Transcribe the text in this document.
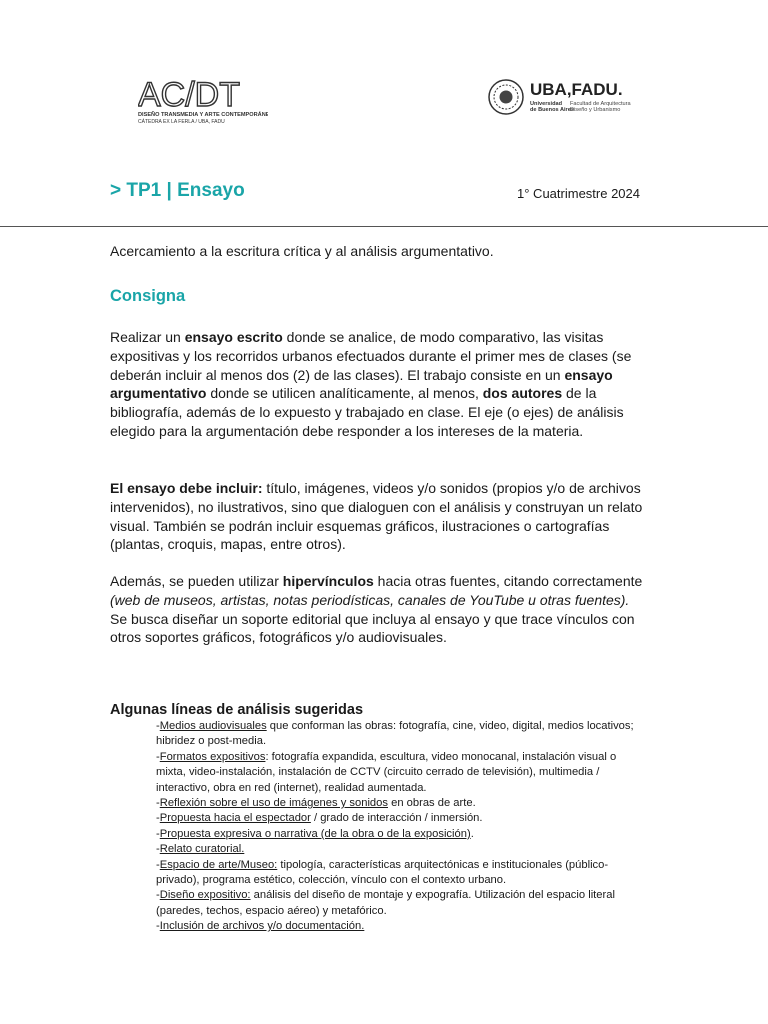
AC/DT
DISEÑO TRANSMEDIA Y ARTE CONTEMPORÁNEO
CÁTEDRA EX LA FERLA / UBA, FADU
UBA,FADU.
Universidad
de Buenos Aires
Facultad de Arquitectura
Diseño y Urbanismo
> TP1 | Ensayo	1° Cuatrimestre 2024
Acercamiento a la escritura crítica y al análisis argumentativo.
Consigna
Realizar un ensayo escrito donde se analice, de modo comparativo, las visitas expositivas y los recorridos urbanos efectuados durante el primer mes de clases (se deberán incluir al menos dos (2) de las clases). El trabajo consiste en un ensayo argumentativo donde se utilicen analíticamente, al menos, dos autores de la bibliografía, además de lo expuesto y trabajado en clase. El eje (o ejes) de análisis elegido para la argumentación debe responder a los intereses de la materia.
El ensayo debe incluir: título, imágenes, videos y/o sonidos (propios y/o de archivos intervenidos), no ilustrativos, sino que dialoguen con el análisis y construyan un relato visual. También se podrán incluir esquemas gráficos, ilustraciones o cartografías (plantas, croquis, mapas, entre otros).
Además, se pueden utilizar hipervínculos hacia otras fuentes, citando correctamente (web de museos, artistas, notas periodísticas, canales de YouTube u otras fuentes). Se busca diseñar un soporte editorial que incluya al ensayo y que trace vínculos con otros soportes gráficos, fotográficos y/o audiovisuales.
Algunas líneas de análisis sugeridas
-Medios audiovisuales que conforman las obras: fotografía, cine, video, digital, medios locativos; hibridez o post-media.
-Formatos expositivos: fotografía expandida, escultura, video monocanal, instalación visual o mixta, video-instalación, instalación de CCTV (circuito cerrado de televisión), multimedia / interactivo, obra en red (internet), realidad aumentada.
-Reflexión sobre el uso de imágenes y sonidos en obras de arte.
-Propuesta hacia el espectador / grado de interacción / inmersión.
-Propuesta expresiva o narrativa (de la obra o de la exposición).
-Relato curatorial.
-Espacio de arte/Museo: tipología, características arquitectónicas e institucionales (público-privado), programa estético, colección, vínculo con el contexto urbano.
-Diseño expositivo: análisis del diseño de montaje y expografía. Utilización del espacio literal (paredes, techos, espacio aéreo) y metafórico.
-Inclusión de archivos y/o documentación.
